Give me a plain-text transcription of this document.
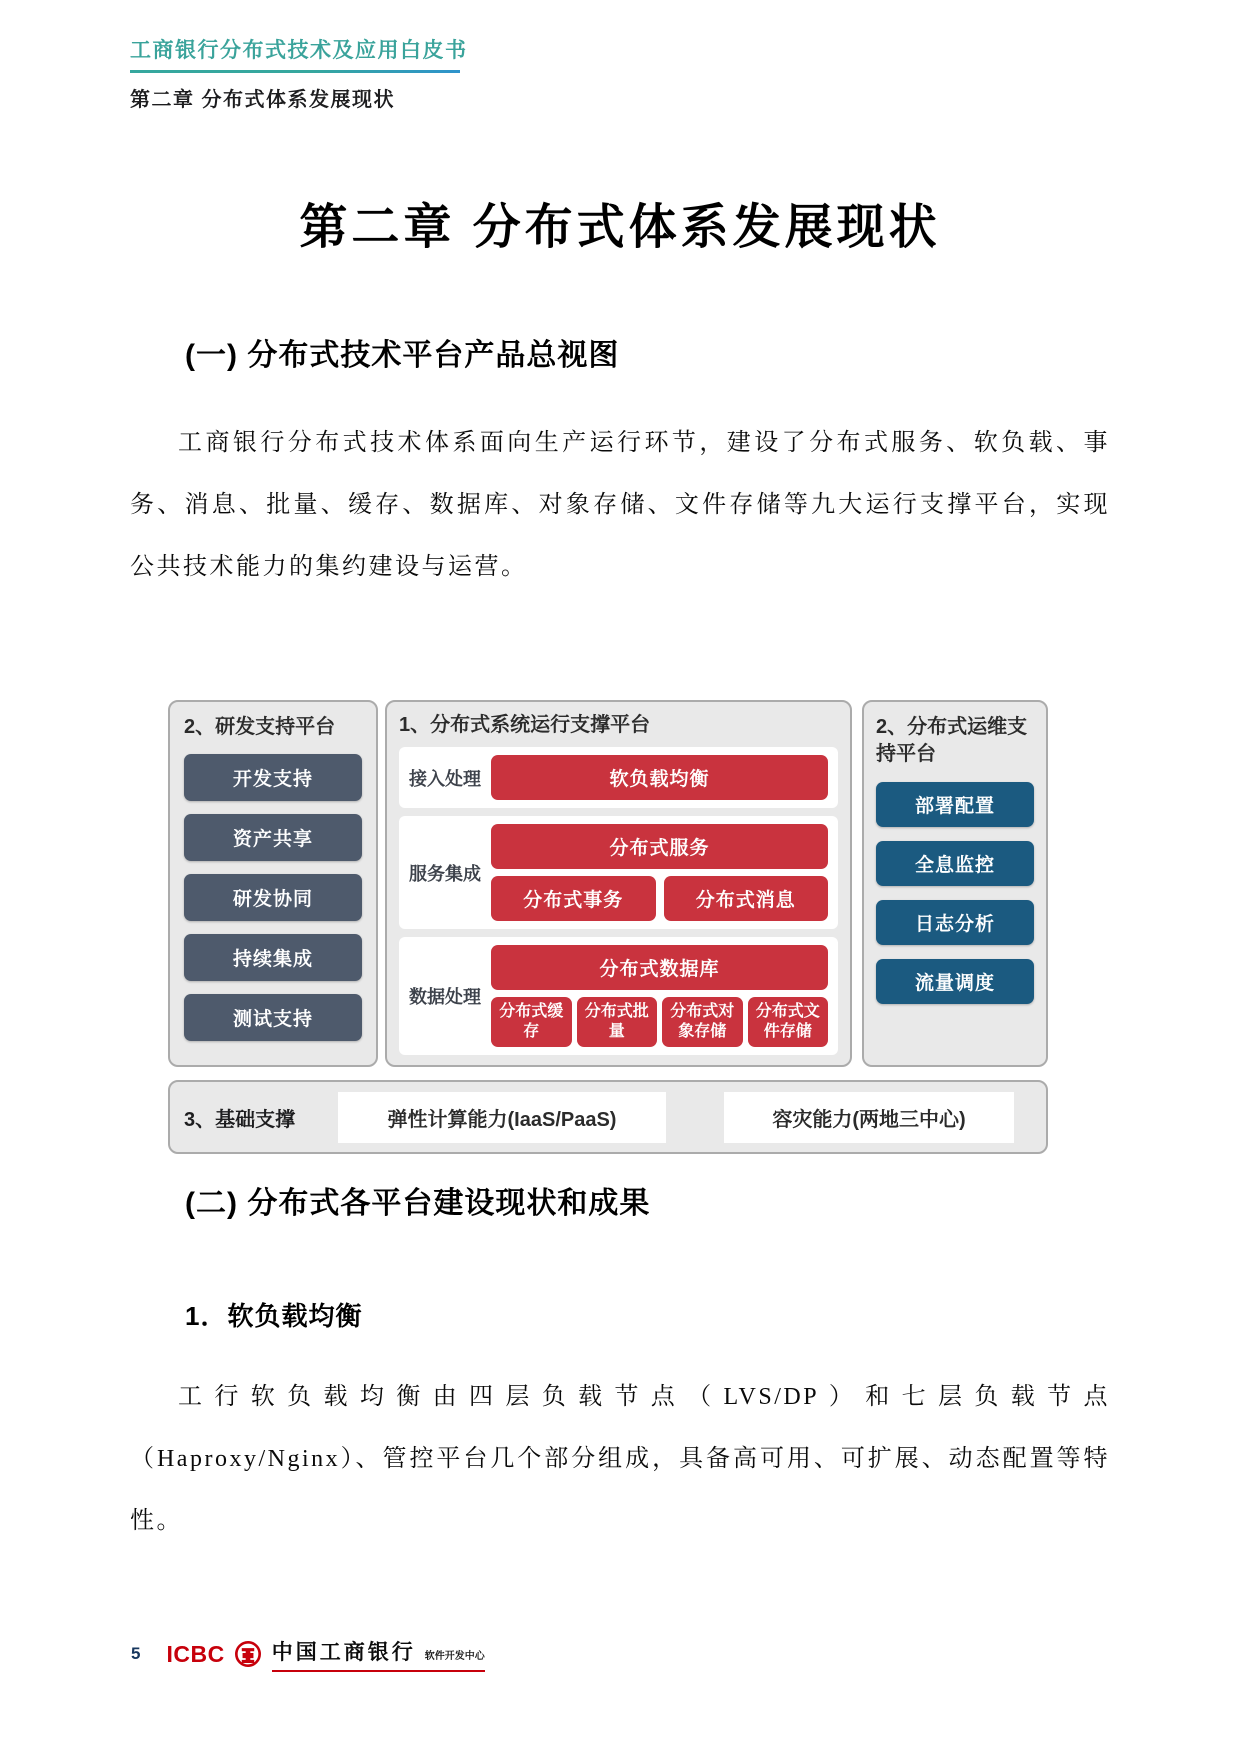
工商银行分布式技术及应用白皮书
第二章 分布式体系发展现状
第二章 分布式体系发展现状
(一) 分布式技术平台产品总视图
工商银行分布式技术体系面向生产运行环节，建设了分布式服务、软负载、事务、消息、批量、缓存、数据库、对象存储、文件存储等九大运行支撑平台，实现公共技术能力的集约建设与运营。
2、研发支持平台
开发支持
资产共享
研发协同
持续集成
测试支持
1、分布式系统运行支撑平台
接入处理	软负载均衡
服务集成
分布式服务
分布式事务	分布式消息
数据处理
分布式数据库
分布式缓存
分布式批量
分布式对象存储
分布式文件存储
2、分布式运维支持平台
部署配置
全息监控
日志分析
流量调度
3、基础支撑	弹性计算能力(IaaS/PaaS)	容灾能力(两地三中心)
(二) 分布式各平台建设现状和成果
1．软负载均衡
工行软负载均衡由四层负载节点（LVS/DP）和七层负载节点（Haproxy/Nginx）、管控平台几个部分组成，具备高可用、可扩展、动态配置等特性。
5 ICBC 中国工商银行 软件开发中心
